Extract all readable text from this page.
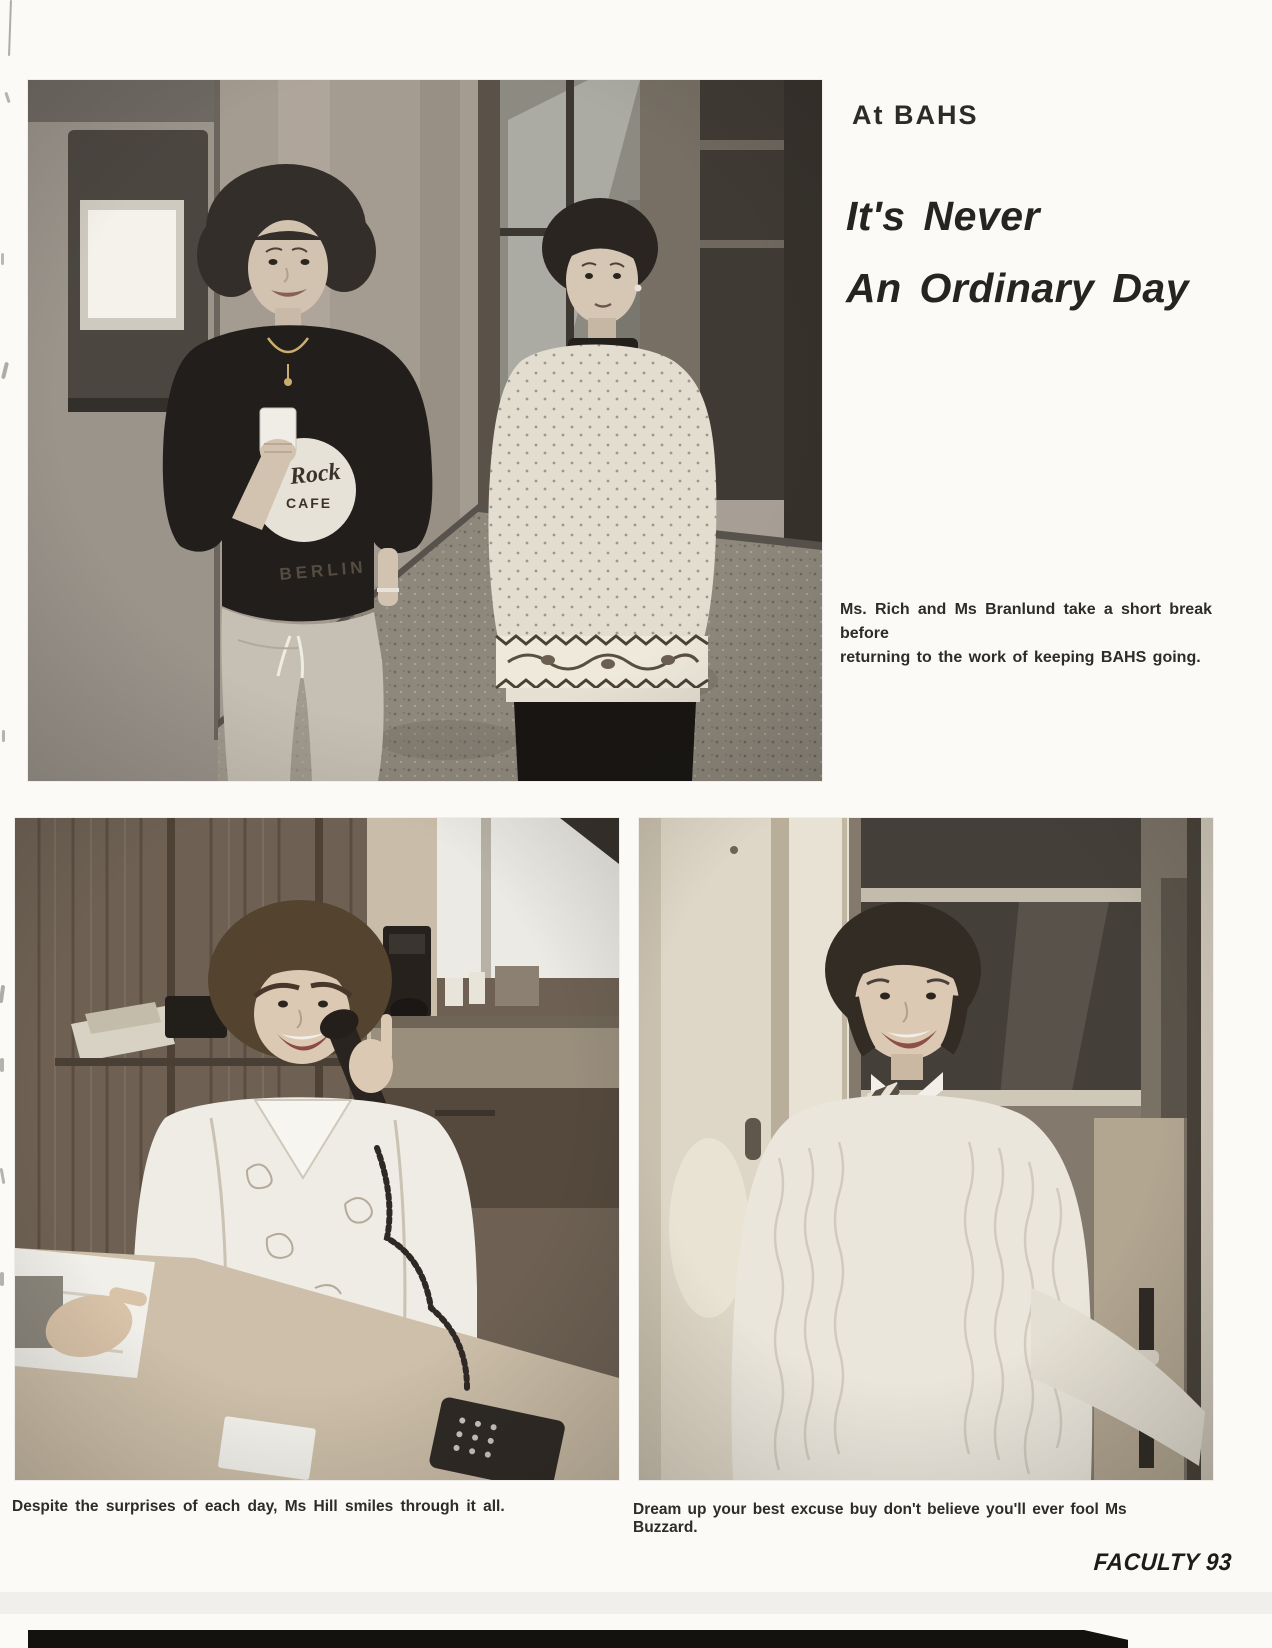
At BAHS
It's Never
An Ordinary Day
Ms. Rich and Ms Branlund take a short break before
returning to the work of keeping BAHS going.
Despite the surprises of each day, Ms Hill smiles through it all.	Dream up your best excuse buy don't believe you'll ever fool Ms Buzzard.
FACULTY 93
